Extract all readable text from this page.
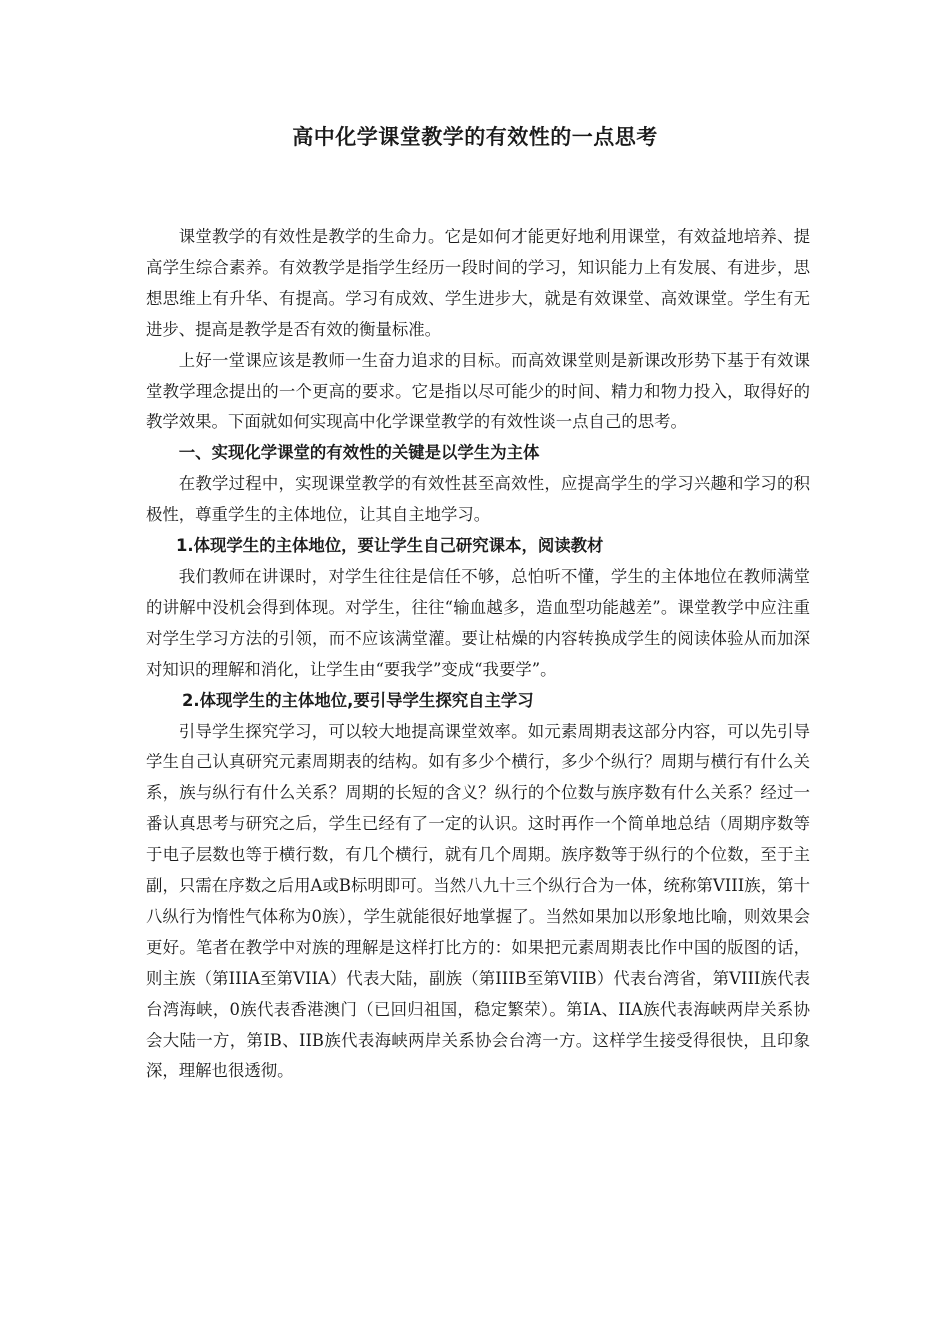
高中化学课堂教学的有效性的一点思考

课堂教学的有效性是教学的生命力。它是如何才能更好地利用课堂，有效益地培养、提高学生综合素养。有效教学是指学生经历一段时间的学习，知识能力上有发展、有进步，思想思维上有升华、有提高。学习有成效、学生进步大，就是有效课堂、高效课堂。学生有无进步、提高是教学是否有效的衡量标准。

上好一堂课应该是教师一生奋力追求的目标。而高效课堂则是新课改形势下基于有效课堂教学理念提出的一个更高的要求。它是指以尽可能少的时间、精力和物力投入，取得好的教学效果。下面就如何实现高中化学课堂教学的有效性谈一点自己的思考。

一、实现化学课堂的有效性的关键是以学生为主体

在教学过程中，实现课堂教学的有效性甚至高效性，应提高学生的学习兴趣和学习的积极性，尊重学生的主体地位，让其自主地学习。

1.体现学生的主体地位，要让学生自己研究课本，阅读教材

我们教师在讲课时，对学生往往是信任不够，总怕听不懂，学生的主体地位在教师满堂的讲解中没机会得到体现。对学生，往往“输血越多，造血型功能越差”。课堂教学中应注重对学生学习方法的引领，而不应该满堂灌。要让枯燥的内容转换成学生的阅读体验从而加深对知识的理解和消化，让学生由“要我学”变成“我要学”。

2.体现学生的主体地位,要引导学生探究自主学习

引导学生探究学习，可以较大地提高课堂效率。如元素周期表这部分内容，可以先引导学生自己认真研究元素周期表的结构。如有多少个横行，多少个纵行？周期与横行有什么关系，族与纵行有什么关系？周期的长短的含义？纵行的个位数与族序数有什么关系？经过一番认真思考与研究之后，学生已经有了一定的认识。这时再作一个简单地总结（周期序数等于电子层数也等于横行数，有几个横行，就有几个周期。族序数等于纵行的个位数，至于主副，只需在序数之后用A或B标明即可。当然八九十三个纵行合为一体，统称第VIII族，第十八纵行为惰性气体称为0族），学生就能很好地掌握了。当然如果加以形象地比喻，则效果会更好。笔者在教学中对族的理解是这样打比方的：如果把元素周期表比作中国的版图的话，则主族（第IIIA至第VIIA）代表大陆，副族（第IIIB至第VIIB）代表台湾省，第VIII族代表台湾海峡，0族代表香港澳门（已回归祖国，稳定繁荣）。第IA、IIA族代表海峡两岸关系协会大陆一方，第IB、IIB族代表海峡两岸关系协会台湾一方。这样学生接受得很快，且印象深，理解也很透彻。
